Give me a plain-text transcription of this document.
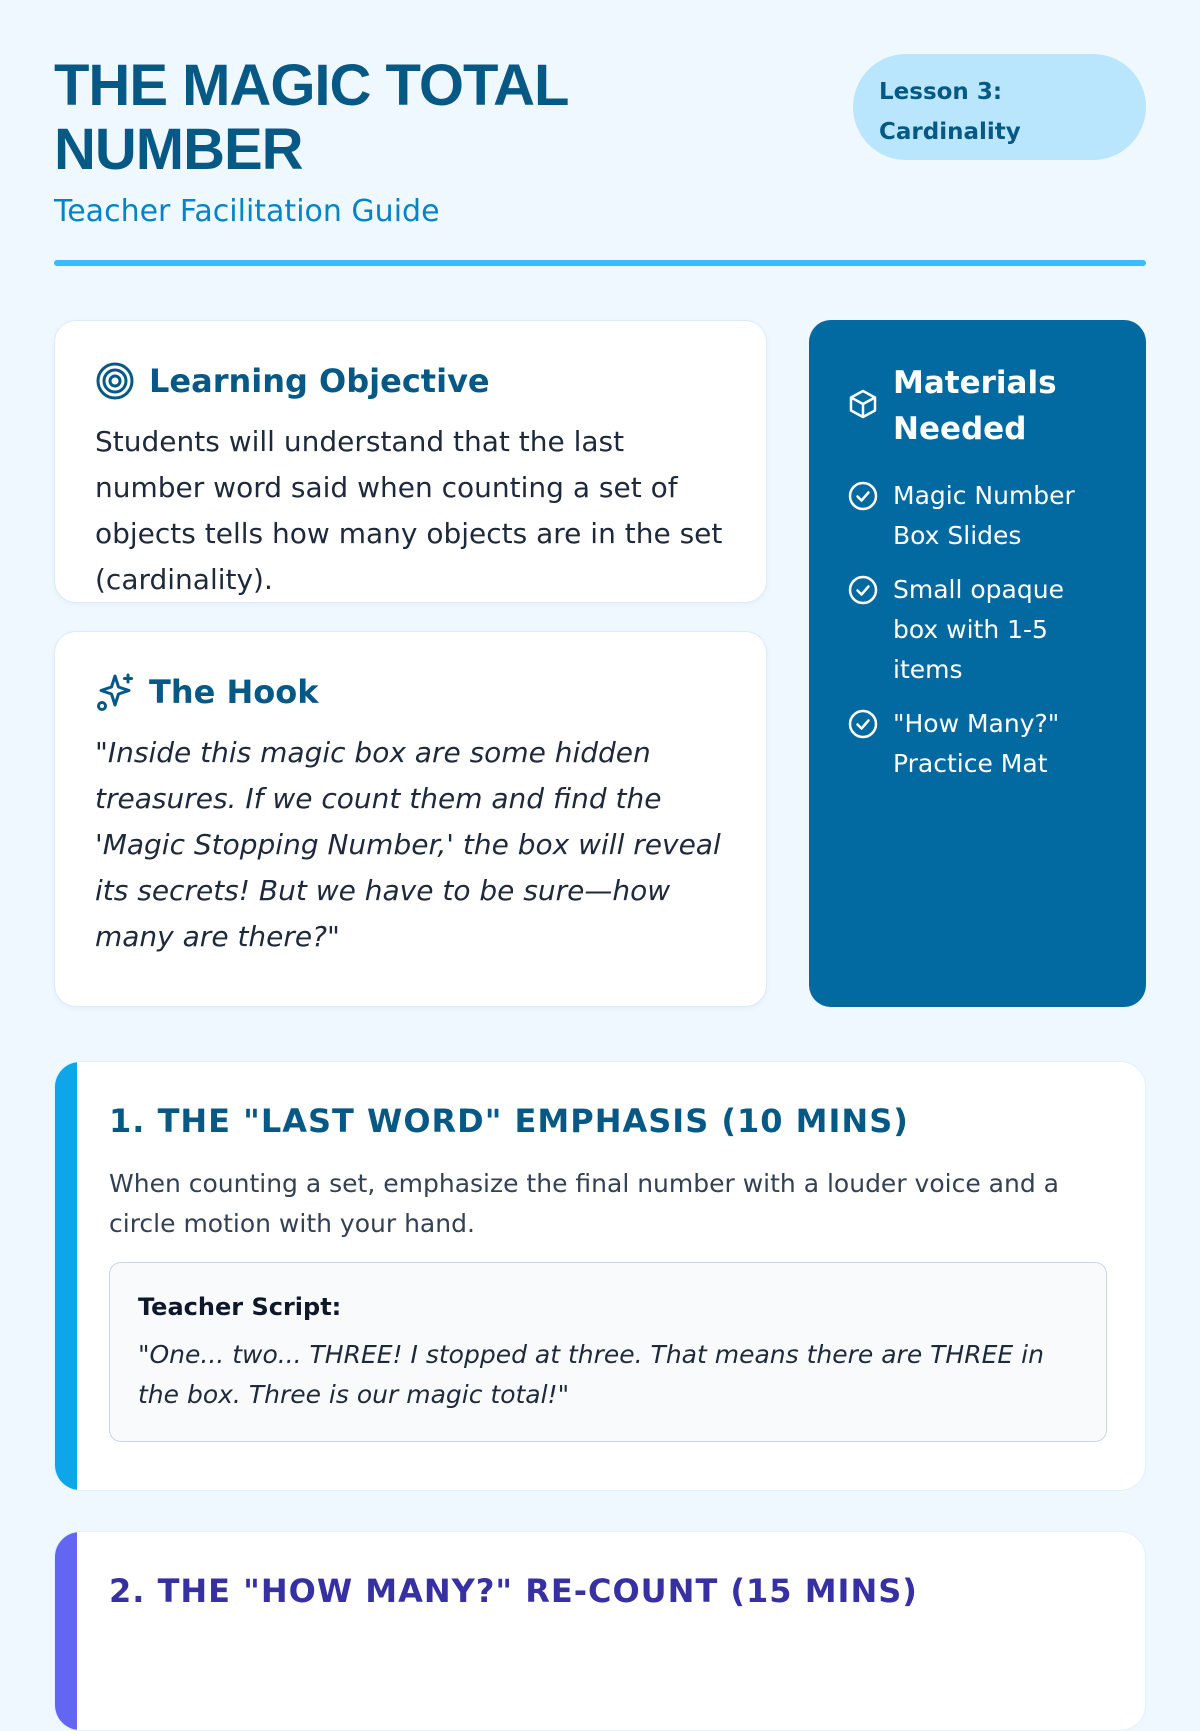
THE MAGIC TOTAL NUMBER
Teacher Facilitation Guide
Lesson 3: Cardinality
Learning Objective

Students will understand that the last number word said when counting a set of objects tells how many objects are in the set (cardinality).

The Hook

"Inside this magic box are some hidden treasures. If we count them and find the 'Magic Stopping Number,' the box will reveal its secrets! But we have to be sure—how many are there?"

Materials Needed
Magic Number Box Slides
Small opaque box with 1-5 items
"How Many?" Practice Mat
1. THE "LAST WORD" EMPHASIS (10 MINS)

When counting a set, emphasize the final number with a louder voice and a circle motion with your hand.

Teacher Script:

"One... two... THREE! I stopped at three. That means there are THREE in the box. Three is our magic total!"

2. THE "HOW MANY?" RE-COUNT (15 MINS)
